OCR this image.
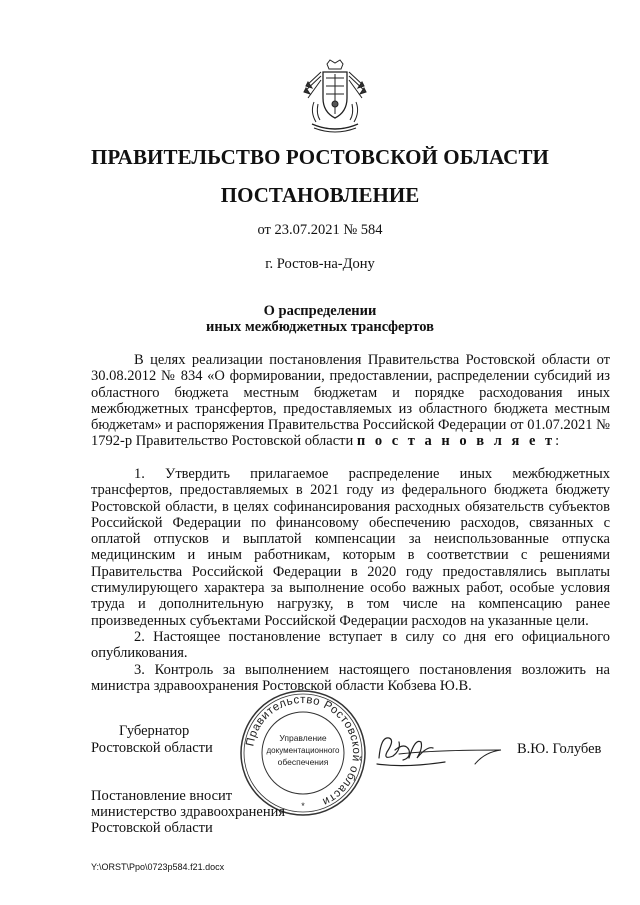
ПРАВИТЕЛЬСТВО РОСТОВСКОЙ ОБЛАСТИ
ПОСТАНОВЛЕНИЕ
от 23.07.2021 № 584
г. Ростов-на-Дону
О распределении
иных межбюджетных трансфертов

В целях реализации постановления Правительства Ростовской области от 30.08.2012 № 834 «О формировании, предоставлении, распределении субсидий из областного бюджета местным бюджетам и порядке расходования иных межбюджетных трансфертов, предоставляемых из областного бюджета местным бюджетам» и распоряжения Правительства Российской Федерации от 01.07.2021 № 1792-р Правительство Ростовской области п о с т а н о в л я е т:

1. Утвердить прилагаемое распределение иных межбюджетных трансфертов, предоставляемых в 2021 году из федерального бюджета бюджету Ростовской области, в целях софинансирования расходных обязательств субъектов Российской Федерации по финансовому обеспечению расходов, связанных с оплатой отпусков и выплатой компенсации за неиспользованные отпуска медицинским и иным работникам, которым в соответствии с решениями Правительства Российской Федерации в 2020 году предоставлялись выплаты стимулирующего характера за выполнение особо важных работ, особые условия труда и дополнительную нагрузку, в том числе на компенсацию ранее произведенных субъектами Российской Федерации расходов на указанные цели.

2. Настоящее постановление вступает в силу со дня его официального опубликования.

3. Контроль за выполнением настоящего постановления возложить на министра здравоохранения Ростовской области Кобзева Ю.В.

Губернатор
Ростовской области	Правительство Ростовской области
Управление
документационного
обеспечения
*
В.Ю. Голубев
Постановление вносит
министерство здравоохранения
Ростовской области
Y:\ORST\Ppo\0723p584.f21.docx
